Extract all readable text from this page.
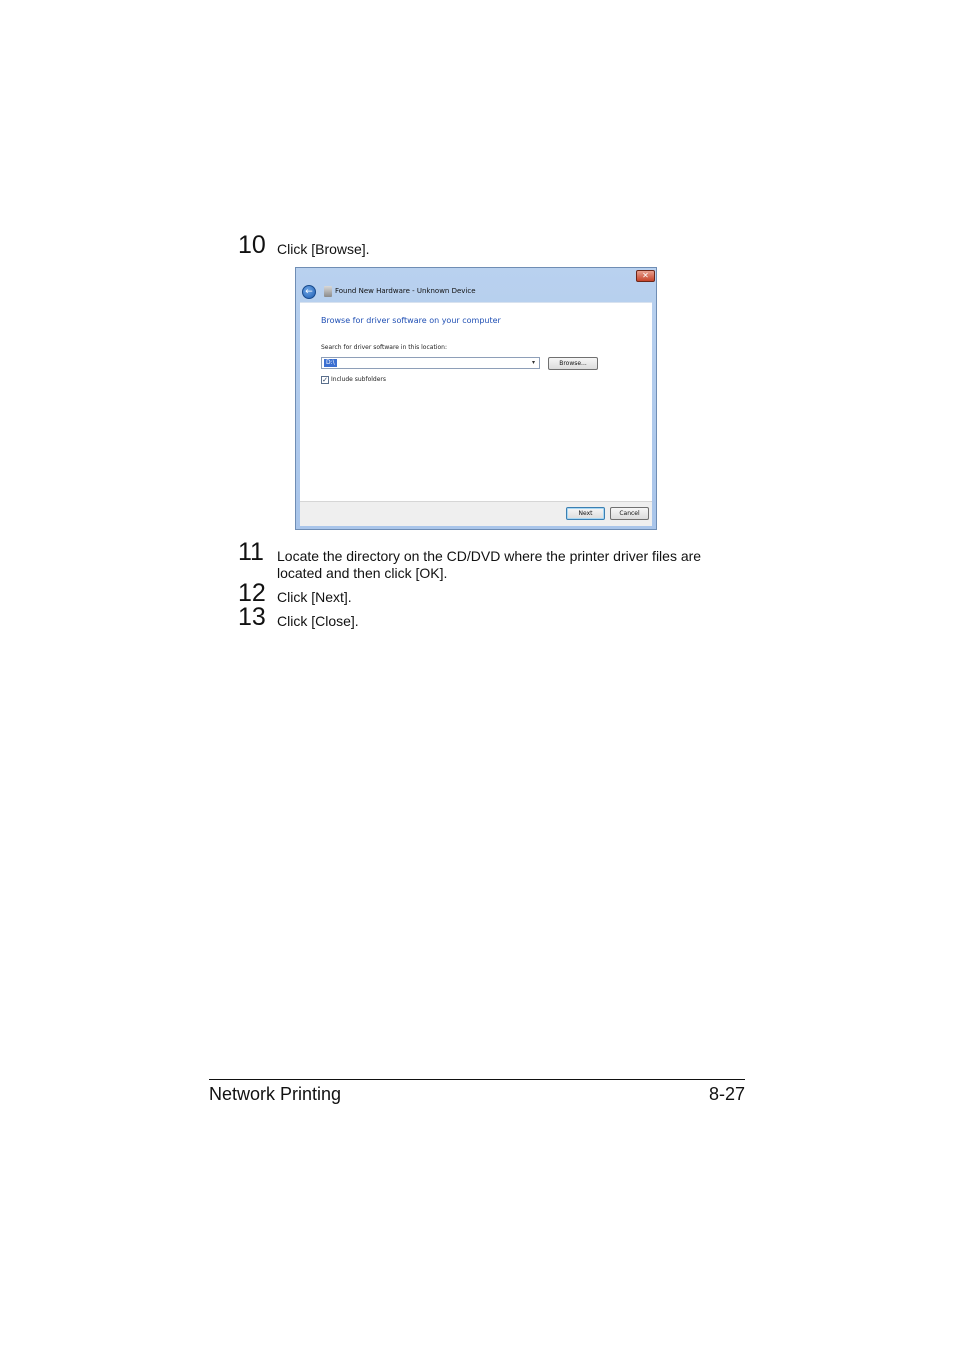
10 Click [Browse].
✕
←	Found New Hardware - Unknown Device
Browse for driver software on your computer
Search for driver software in this location:
D:\	▾	Browse...
✓ Include subfolders
Next	Cancel
11 Locate the directory on the CD/DVD where the printer driver files are located and then click [OK].
12 Click [Next].
13 Click [Close].
Network Printing	8-27
